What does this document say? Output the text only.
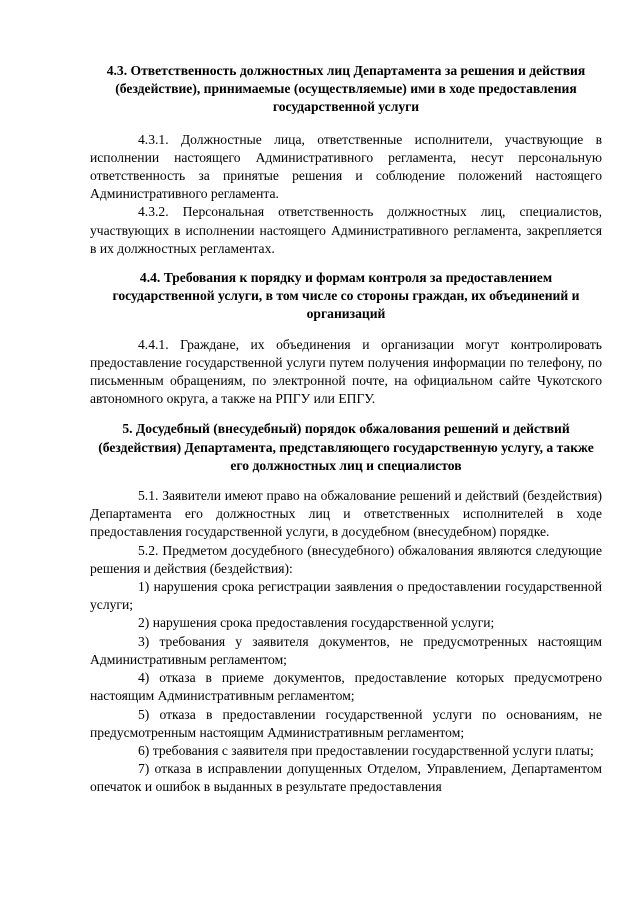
4.3. Ответственность должностных лиц Департамента за решения и действия (бездействие), принимаемые (осуществляемые) ими в ходе предоставления государственной услуги

4.3.1. Должностные лица, ответственные исполнители, участвующие в исполнении настоящего Административного регламента, несут персональную ответственность за принятые решения и соблюдение положений настоящего Административного регламента.

4.3.2. Персональная ответственность должностных лиц, специалистов, участвующих в исполнении настоящего Административного регламента, закрепляется в их должностных регламентах.

4.4. Требования к порядку и формам контроля за предоставлением государственной услуги, в том числе со стороны граждан, их объединений и организаций

4.4.1. Граждане, их объединения и организации могут контролировать предоставление государственной услуги путем получения информации по телефону, по письменным обращениям, по электронной почте, на официальном сайте Чукотского автономного округа, а также на РПГУ или ЕПГУ.

5. Досудебный (внесудебный) порядок обжалования решений и действий (бездействия) Департамента, представляющего государственную услугу, а также его должностных лиц и специалистов

5.1. Заявители имеют право на обжалование решений и действий (бездействия) Департамента его должностных лиц и ответственных исполнителей в ходе предоставления государственной услуги, в досудебном (внесудебном) порядке.

5.2. Предметом досудебного (внесудебного) обжалования являются следующие решения и действия (бездействия):

1) нарушения срока регистрации заявления о предоставлении государственной услуги;

2) нарушения срока предоставления государственной услуги;

3) требования у заявителя документов, не предусмотренных настоящим Административным регламентом;

4) отказа в приеме документов, предоставление которых предусмотрено настоящим Административным регламентом;

5) отказа в предоставлении государственной услуги по основаниям, не предусмотренным настоящим Административным регламентом;

6) требования с заявителя при предоставлении государственной услуги платы;

7) отказа в исправлении допущенных Отделом, Управлением, Департаментом опечаток и ошибок в выданных в результате предоставления
